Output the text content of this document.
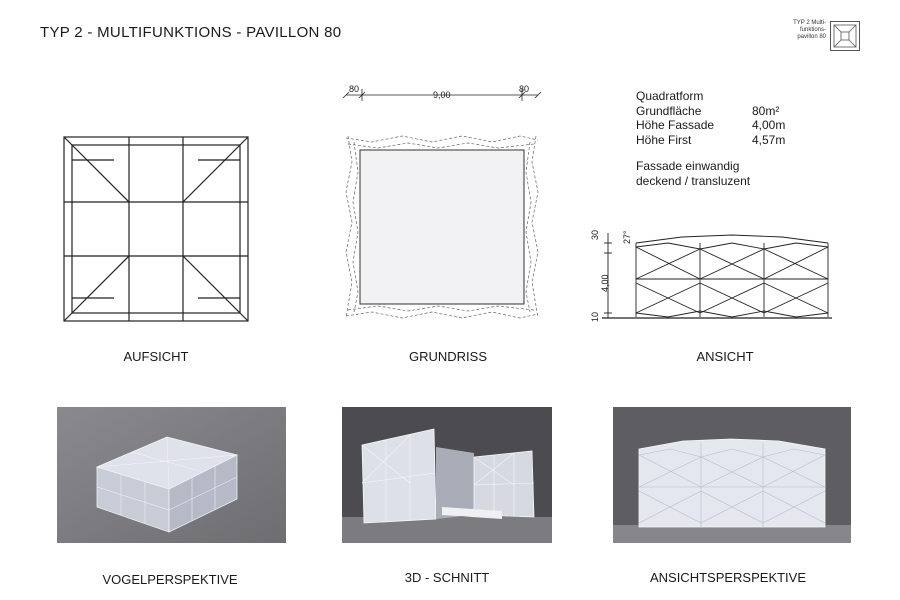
TYP 2 - MULTIFUNKTIONS - PAVILLON 80
TYP 2 Multi-
funktions-
pavillon 80
80
9,00
80	Quadratform
Grundfläche	80m²
Höhe Fassade	4,00m
Höhe First	4,57m
Fassade einwandig
deckend / transluzent
30 27°
4,00
10
AUFSICHT	GRUNDRISS	ANSICHT
VOGELPERSPEKTIVE	3D - SCHNITT	ANSICHTSPERSPEKTIVE
